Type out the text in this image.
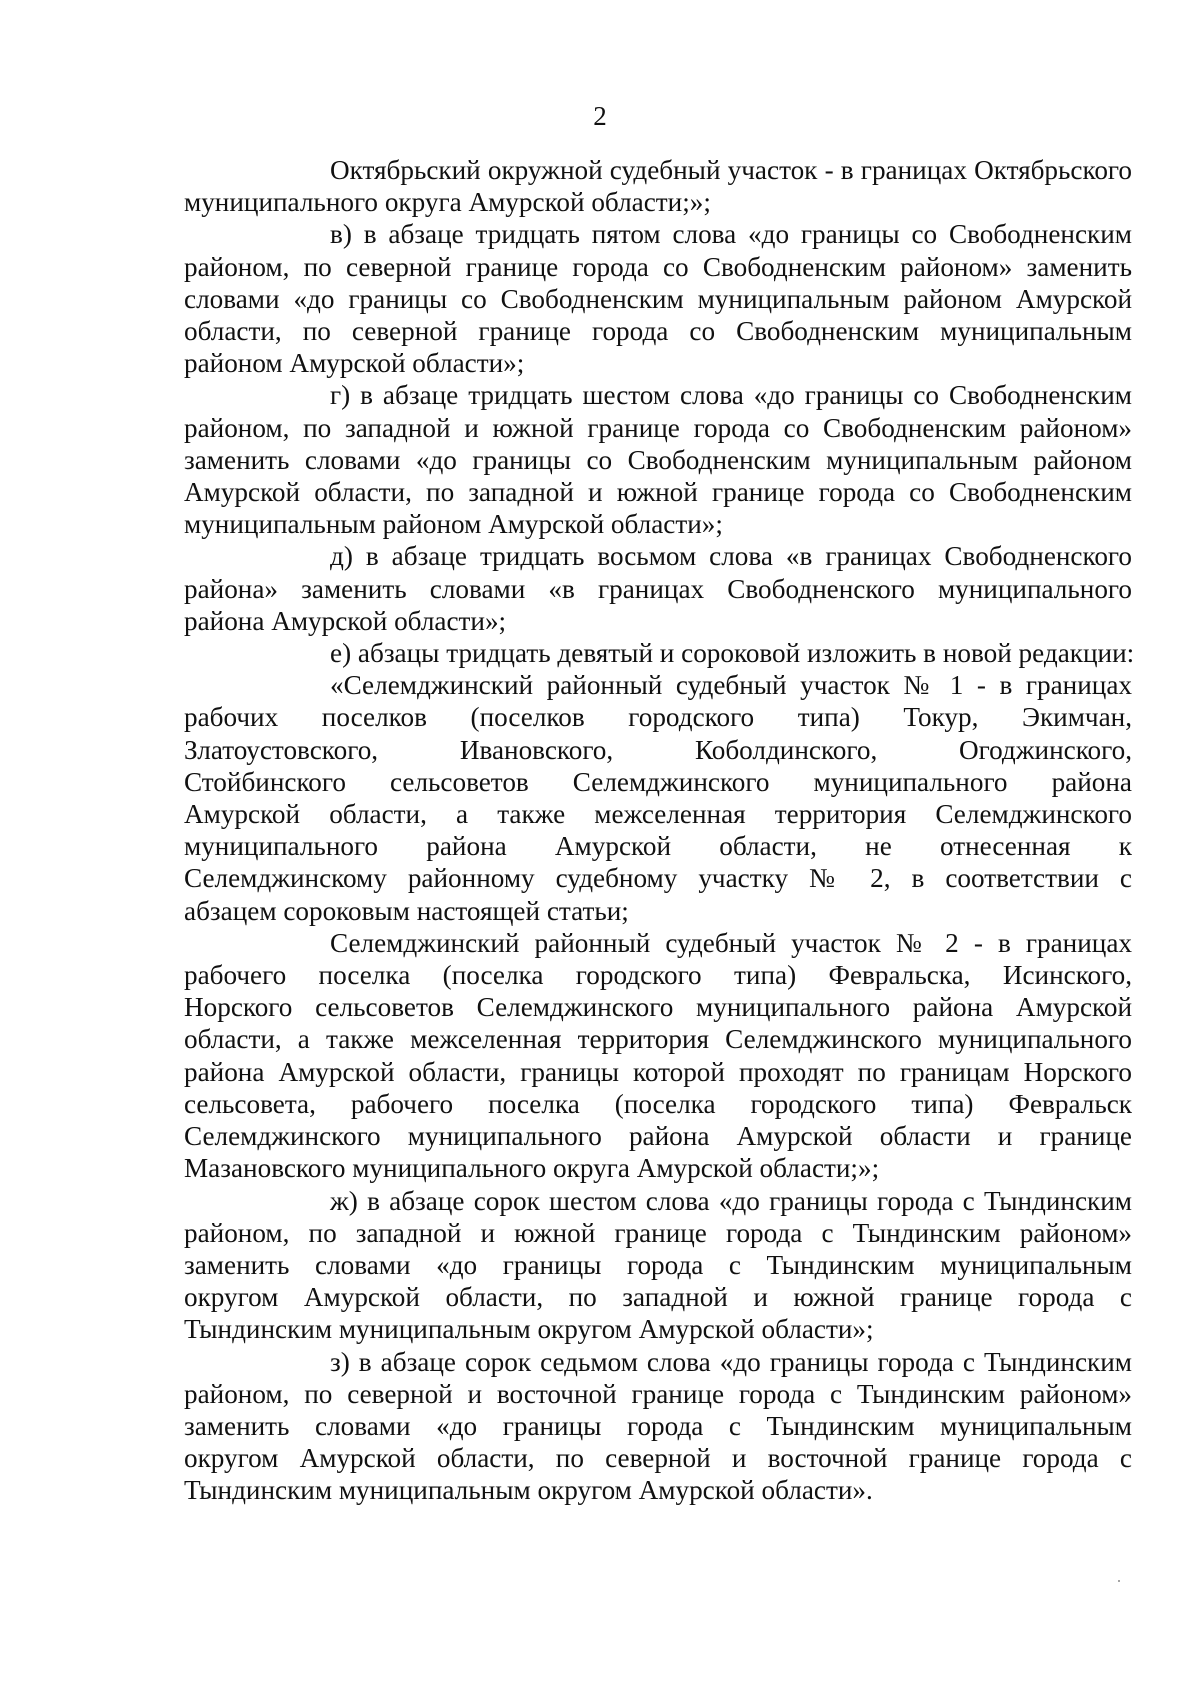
2

Октябрьский окружной судебный участок - в границах Октябрьского
муниципального округа Амурской области;»;

в) в абзаце тридцать пятом слова «до границы со Свободненским
районом, по северной границе города со Свободненским районом» заменить
словами «до границы со Свободненским муниципальным районом Амурской
области, по северной границе города со Свободненским муниципальным
районом Амурской области»;

г) в абзаце тридцать шестом слова «до границы со Свободненским
районом, по западной и южной границе города со Свободненским районом»
заменить словами «до границы со Свободненским муниципальным районом
Амурской области, по западной и южной границе города со Свободненским
муниципальным районом Амурской области»;

д) в абзаце тридцать восьмом слова «в границах Свободненского
района» заменить словами «в границах Свободненского муниципального
района Амурской области»;

е) абзацы тридцать девятый и сороковой изложить в новой редакции:

«Селемджинский районный судебный участок № 1 - в границах
рабочих поселков (поселков городского типа) Токур, Экимчан,
Златоустовского, Ивановского, Коболдинского, Огоджинского,
Стойбинского сельсоветов Селемджинского муниципального района
Амурской области, а также межселенная территория Селемджинского
муниципального района Амурской области, не отнесенная к
Селемджинскому районному судебному участку № 2, в соответствии с
абзацем сороковым настоящей статьи;

Селемджинский районный судебный участок № 2 - в границах
рабочего поселка (поселка городского типа) Февральска, Исинского,
Норского сельсоветов Селемджинского муниципального района Амурской
области, а также межселенная территория Селемджинского муниципального
района Амурской области, границы которой проходят по границам Норского
сельсовета, рабочего поселка (поселка городского типа) Февральск
Селемджинского муниципального района Амурской области и границе
Мазановского муниципального округа Амурской области;»;

ж) в абзаце сорок шестом слова «до границы города с Тындинским
районом, по западной и южной границе города с Тындинским районом»
заменить словами «до границы города с Тындинским муниципальным
округом Амурской области, по западной и южной границе города с
Тындинским муниципальным округом Амурской области»;

з) в абзаце сорок седьмом слова «до границы города с Тындинским
районом, по северной и восточной границе города с Тындинским районом»
заменить словами «до границы города с Тындинским муниципальным
округом Амурской области, по северной и восточной границе города с
Тындинским муниципальным округом Амурской области».
